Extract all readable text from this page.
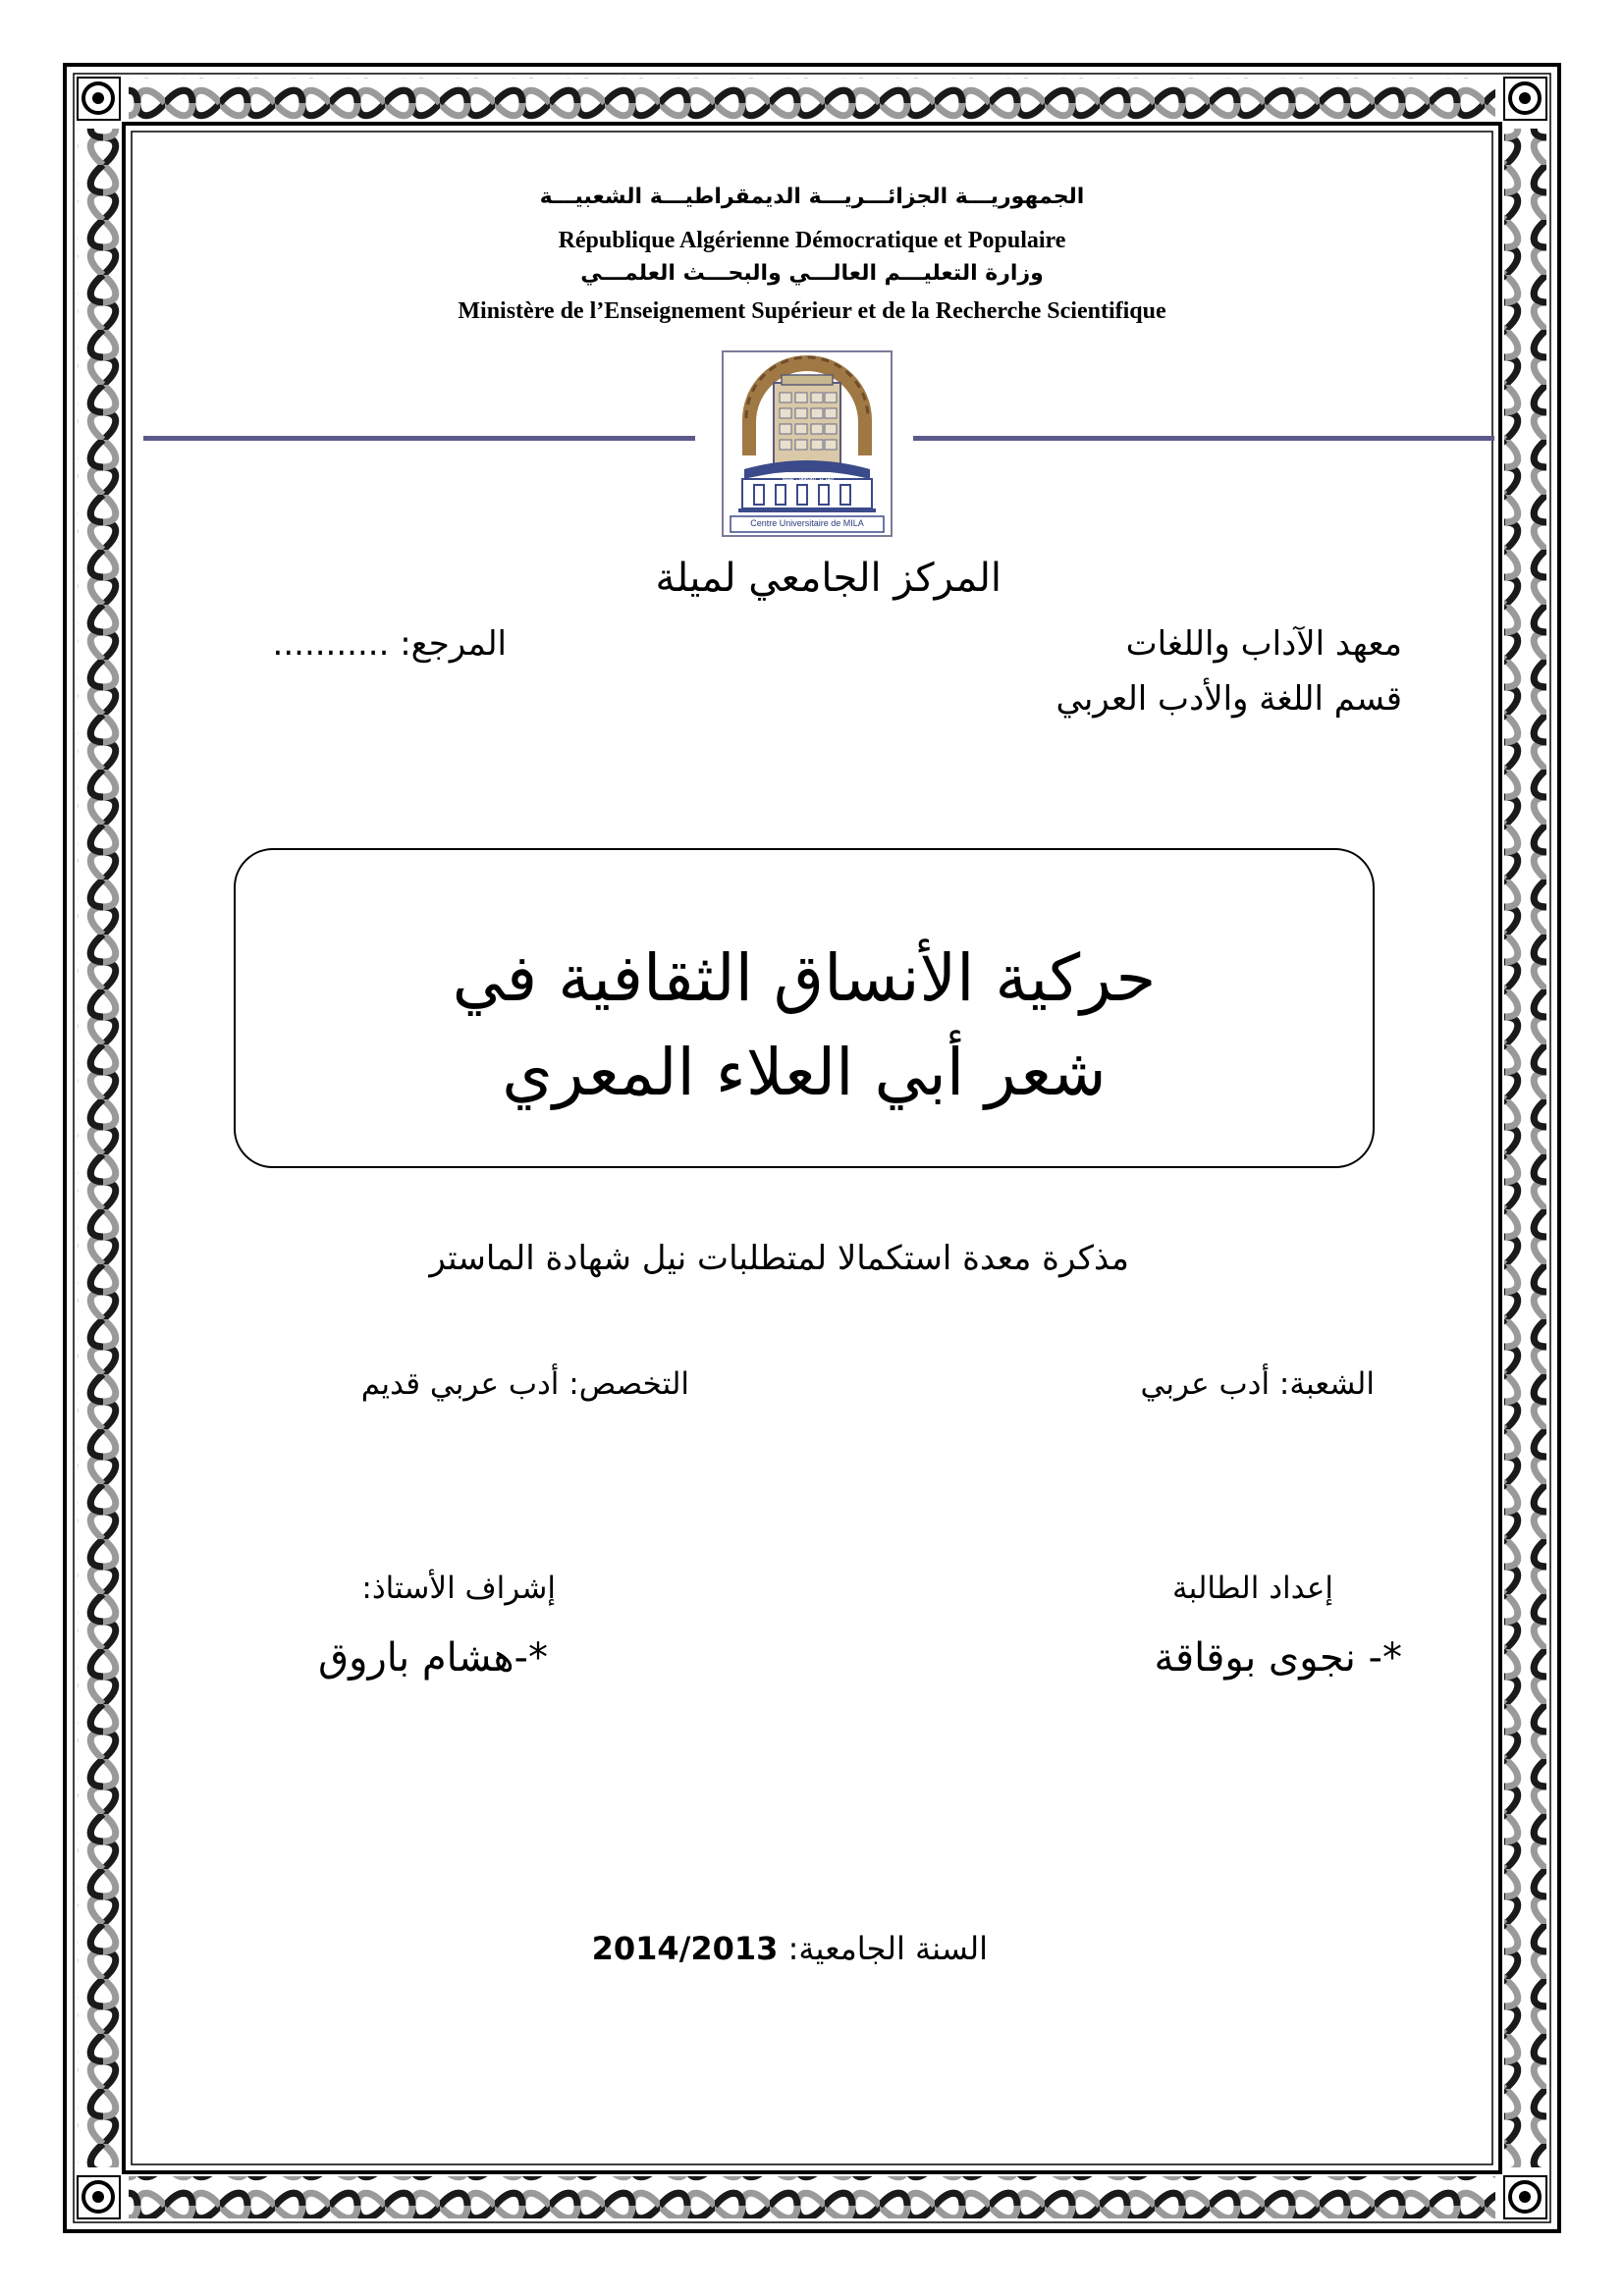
الجمهوريـــة الجزائـــريـــة الديمقراطيـــة الشعبيـــة
République Algérienne Démocratique et Populaire
وزارة التعليـــم العالـــي والبحـــث العلمـــي
Ministère de l’Enseignement Supérieur et de la Recherche Scientifique
المركز الجامعي لميلة
Centre Universitaire de MILA
المركز الجامعي لميلة
معهد الآداب واللغات
المرجع: ...........
قسم اللغة والأدب العربي
حركية الأنساق الثقافية في
شعر أبي العلاء المعري
مذكرة معدة استكمالا لمتطلبات نيل شهادة الماستر
الشعبة: أدب عربي
التخصص: أدب عربي قديم
إعداد الطالبة
إشراف الأستاذ:
*- نجوى بوقاقة
*-هشام باروق
السنة الجامعية: 2014/2013
